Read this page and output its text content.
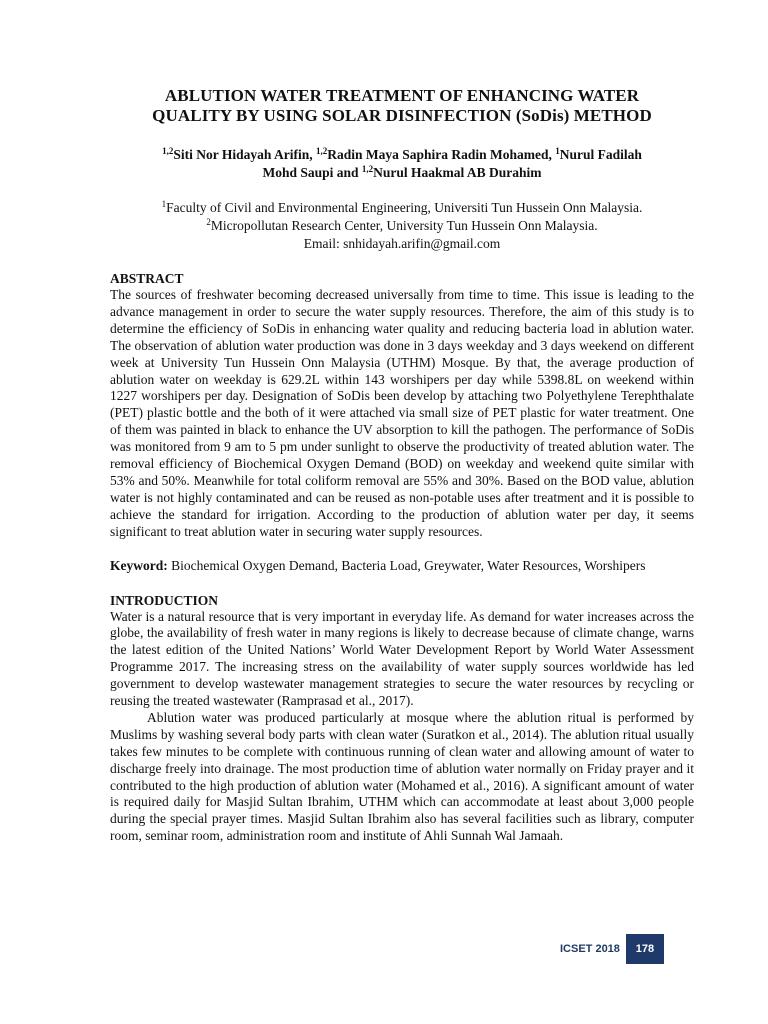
ABLUTION WATER TREATMENT OF ENHANCING WATER
QUALITY BY USING SOLAR DISINFECTION (SoDis) METHOD
$^{1,2}$Siti Nor Hidayah Arifin, $^{1,2}$Radin Maya Saphira Radin Mohamed, $^1$Nurul Fadilah
Mohd Saupi and $^{1,2}$Nurul Haakmal AB Durahim
$^1$Faculty of Civil and Environmental Engineering, Universiti Tun Hussein Onn Malaysia.
$^2$Micropollutan Research Center, University Tun Hussein Onn Malaysia.
Email: snhidayah.arifin@gmail.com
ABSTRACT

The sources of freshwater becoming decreased universally from time to time. This issue is leading to the advance management in order to secure the water supply resources. Therefore, the aim of this study is to determine the efficiency of SoDis in enhancing water quality and reducing bacteria load in ablution water. The observation of ablution water production was done in 3 days weekday and 3 days weekend on different week at University Tun Hussein Onn Malaysia (UTHM) Mosque. By that, the average production of ablution water on weekday is 629.2L within 143 worshipers per day while 5398.8L on weekend within 1227 worshipers per day. Designation of SoDis been develop by attaching two Polyethylene Terephthalate (PET) plastic bottle and the both of it were attached via small size of PET plastic for water treatment. One of them was painted in black to enhance the UV absorption to kill the pathogen. The performance of SoDis was monitored from 9 am to 5 pm under sunlight to observe the productivity of treated ablution water. The removal efficiency of Biochemical Oxygen Demand (BOD) on weekday and weekend quite similar with 53% and 50%. Meanwhile for total coliform removal are 55% and 30%. Based on the BOD value, ablution water is not highly contaminated and can be reused as non-potable uses after treatment and it is possible to achieve the standard for irrigation. According to the production of ablution water per day, it seems significant to treat ablution water in securing water supply resources.

Keyword: Biochemical Oxygen Demand, Bacteria Load, Greywater, Water Resources, Worshipers

INTRODUCTION

Water is a natural resource that is very important in everyday life. As demand for water increases across the globe, the availability of fresh water in many regions is likely to decrease because of climate change, warns the latest edition of the United Nations’ World Water Development Report by World Water Assessment Programme 2017. The increasing stress on the availability of water supply sources worldwide has led government to develop wastewater management strategies to secure the water resources by recycling or reusing the treated wastewater (Ramprasad et al., 2017).

Ablution water was produced particularly at mosque where the ablution ritual is performed by Muslims by washing several body parts with clean water (Suratkon et al., 2014). The ablution ritual usually takes few minutes to be complete with continuous running of clean water and allowing amount of water to discharge freely into drainage. The most production time of ablution water normally on Friday prayer and it contributed to the high production of ablution water (Mohamed et al., 2016). A significant amount of water is required daily for Masjid Sultan Ibrahim, UTHM which can accommodate at least about 3,000 people during the special prayer times. Masjid Sultan Ibrahim also has several facilities such as library, computer room, seminar room, administration room and institute of Ahli Sunnah Wal Jamaah.

ICSET 2018	178
